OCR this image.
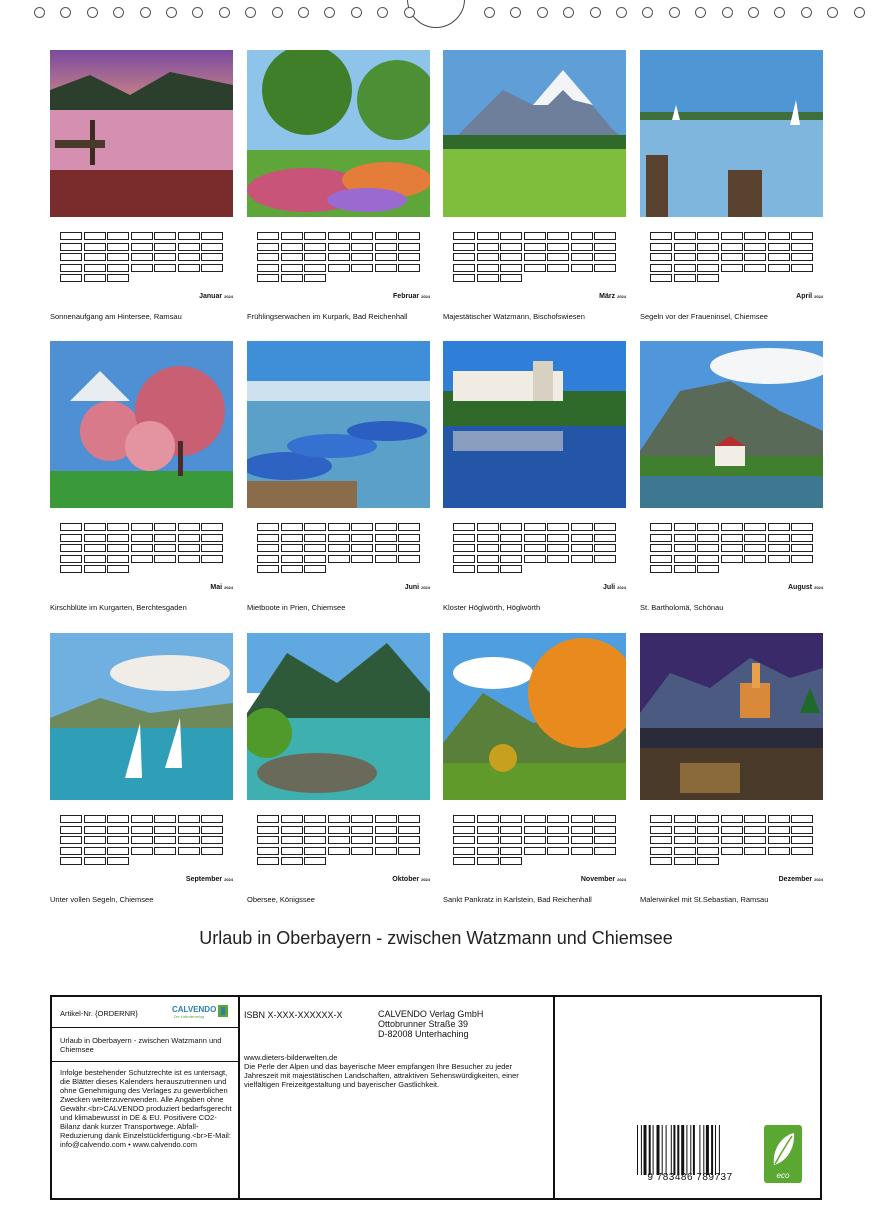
Januar 2024
Sonnenaufgang am Hintersee, Ramsau
Februar 2024
Frühlingserwachen im Kurpark, Bad Reichenhall
März 2024
Majestätischer Watzmann, Bischofswiesen
April 2024
Segeln vor der Fraueninsel, Chiemsee
Mai 2024
Kirschblüte im Kurgarten, Berchtesgaden
Juni 2024
Mietboote in Prien, Chiemsee
Juli 2024
Kloster Höglwörth, Höglwörth
August 2024
St. Bartholomä, Schönau
September 2024
Unter vollen Segeln, Chiemsee
Oktober 2024
Obersee, Königssee
November 2024
Sankt Pankratz in Karlstein, Bad Reichenhall
Dezember 2024
Malerwinkel mit St.Sebastian, Ramsau
Urlaub in Oberbayern - zwischen Watzmann und Chiemsee
Artikel-Nr. {ORDERNR}	CALVENDO
Der Kalenderverlag
Urlaub in Oberbayern - zwischen Watzmann und Chiemsee
Infolge bestehender Schutzrechte ist es untersagt, die Blätter dieses Kalenders herauszutrennen und ohne Genehmigung des Verlages zu gewerblichen Zwecken weiterzuverwenden. Alle Angaben ohne Gewähr.<br>CALVENDO produziert bedarfsgerecht und klimabewusst in DE & EU. Positivere CO2-Bilanz dank kurzer Transportwege. Abfall-Reduzierung dank Einzelstückfertigung.<br>E-Mail: info@calvendo.com • www.calvendo.com
ISBN X-XXX-XXXXXX-X	CALVENDO Verlag GmbH
Ottobrunner Straße 39
D-82008 Unterhaching
www.dieters-bilderwelten.de
Die Perle der Alpen und das bayerische Meer empfangen Ihre Besucher zu jeder Jahreszeit mit majestätischen Landschaften, attraktiven Sehenswürdigkeiten, einer vielfältigen Freizeitgestaltung und bayerischer Gastlichkeit.
9 783486 789737	eco
